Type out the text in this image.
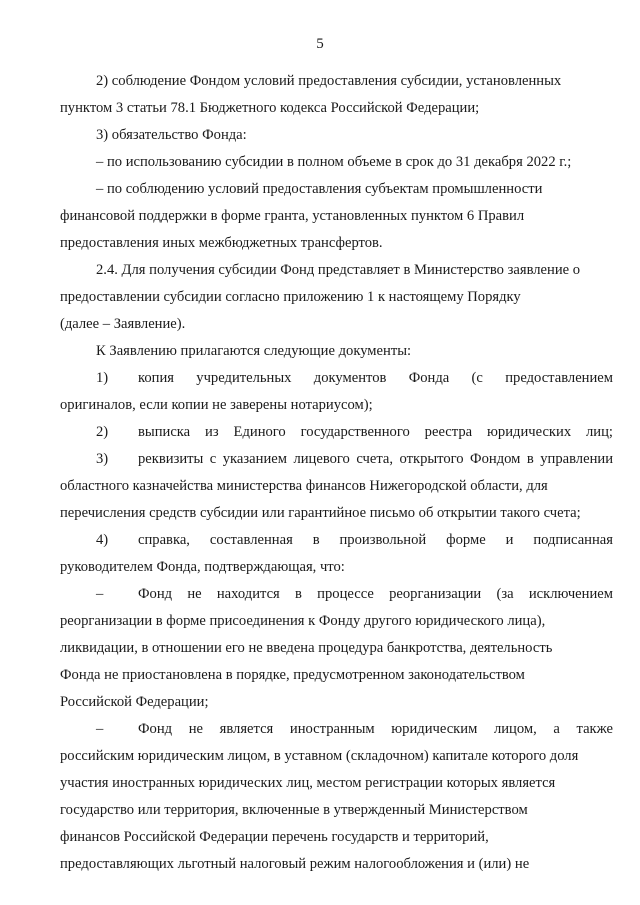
5
2) соблюдение Фондом условий предоставления субсидии, установленных
пунктом 3 статьи 78.1 Бюджетного кодекса Российской Федерации;
3) обязательство Фонда:
– по использованию субсидии в полном объеме в срок до 31 декабря 2022 г.;
– по соблюдению условий предоставления субъектам промышленности
финансовой поддержки в форме гранта, установленных пунктом 6 Правил
предоставления иных межбюджетных трансфертов.
2.4. Для получения субсидии Фонд представляет в Министерство заявление о
предоставлении субсидии согласно приложению 1 к настоящему Порядку
(далее – Заявление).
К Заявлению прилагаются следующие документы:
1) копия учредительных документов Фонда (с предоставлением
оригиналов, если копии не заверены нотариусом);
2) выписка из Единого государственного реестра юридических лиц;
3) реквизиты с указанием лицевого счета, открытого Фондом в управлении
областного казначейства министерства финансов Нижегородской области, для
перечисления средств субсидии или гарантийное письмо об открытии такого счета;
4) справка, составленная в произвольной форме и подписанная
руководителем Фонда, подтверждающая, что:
– Фонд не находится в процессе реорганизации (за исключением
реорганизации в форме присоединения к Фонду другого юридического лица),
ликвидации, в отношении его не введена процедура банкротства, деятельность
Фонда не приостановлена в порядке, предусмотренном законодательством
Российской Федерации;
– Фонд не является иностранным юридическим лицом, а также
российским юридическим лицом, в уставном (складочном) капитале которого доля
участия иностранных юридических лиц, местом регистрации которых является
государство или территория, включенные в утвержденный Министерством
финансов Российской Федерации перечень государств и территорий,
предоставляющих льготный налоговый режим налогообложения и (или) не
